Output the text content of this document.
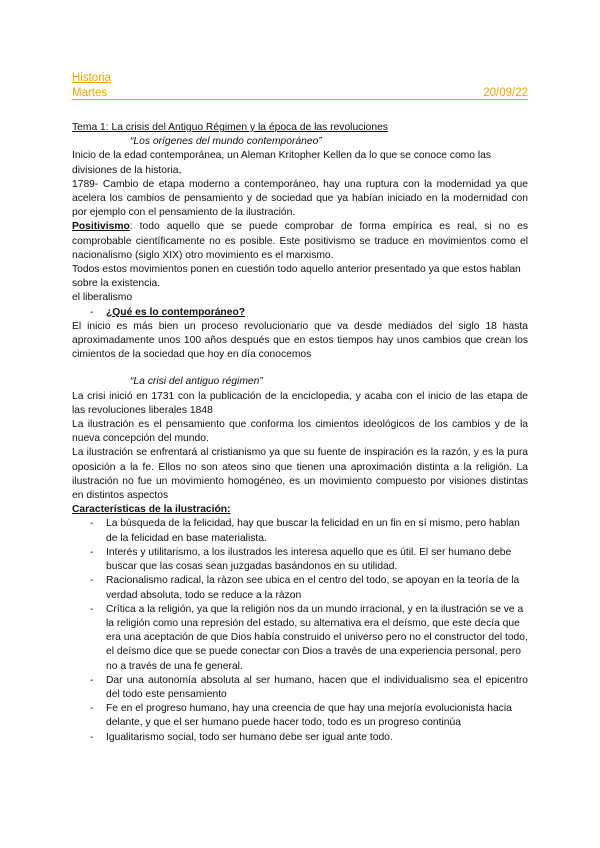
Historia
Martes	20/09/22

Tema 1: La crisis del Antiguo Régimen y la época de las revoluciones

“Los orígenes del mundo contemporáneo”

Inicio de la edad contemporánea, un Aleman Kritopher Kellen da lo que se conoce como las divisiones de la historia,

1789- Cambio de etapa moderno a contemporáneo, hay una ruptura con la modernidad ya que acelera los cambios de pensamiento y de sociedad que ya habían iniciado en la modernidad con por ejemplo con el pensamiento de la ilustración.

Positivismo: todo aquello que se puede comprobar de forma empírica es real, si no es comprobable científicamente no es posible. Este positivismo se traduce en movimientos como el nacionalismo (siglo XIX) otro movimiento es el marxismo.

Todos estos movimientos ponen en cuestión todo aquello anterior presentado ya que estos hablan sobre la existencia.

el liberalismo

- ¿Qué es lo contemporáneo?

El inicio es más bien un proceso revolucionario que va desde mediados del siglo 18 hasta aproximadamente unos 100 años después que en estos tiempos hay unos cambios que crean los cimientos de la sociedad que hoy en día conocemos

“La crisi del antiguo régimen”

La crisi inició en 1731 con la publicación de la enciclopedia, y acaba con el inicio de las etapa de las revoluciones liberales 1848

La ilustración es el pensamiento que conforma los cimientos ideológicos de los cambios y de la nueva concepción del mundo.

La ilustración se enfrentará al cristianismo ya que su fuente de inspiración es la razón, y es la pura oposición a la fe. Ellos no son ateos sino que tienen una aproximación distinta a la religión. La ilustración no fue un movimiento homogéneo, es un movimiento compuesto por visiones distintas en distintos aspectos

Características de la ilustración:

- La búsqueda de la felicidad, hay que buscar la felicidad en un fin en sí mismo, pero hablan de la felicidad en base materialista.

- Interés y utilitarismo, a los ilustrados les interesa aquello que es útil. El ser humano debe buscar que las cosas sean juzgadas basándonos en su utilidad.

- Racionalismo radical, la ràzon see ubica en el centro del todo, se apoyan en la teoría de la verdad absoluta, todo se reduce a la ràzon

- Crítica a la religión, ya que la religión nos da un mundo irracional, y en la ilustración se ve a la religión como una represión del estado, su alternativa era el deísmo, que este decía que era una aceptación de que Dios había construido el universo pero no el constructor del todo, el deísmo dice que se puede conectar con Dios a través de una experiencia personal, pero no a través de una fe general.

- Dar una autonomía absoluta al ser humano, hacen que el individualismo sea el epicentro del todo este pensamiento

- Fe en el progreso humano, hay una creencia de que hay una mejoría evolucionista hacia delante, y que el ser humano puede hacer todo, todo es un progreso continúa

- Igualitarismo social, todo ser humano debe ser igual ante todo.
